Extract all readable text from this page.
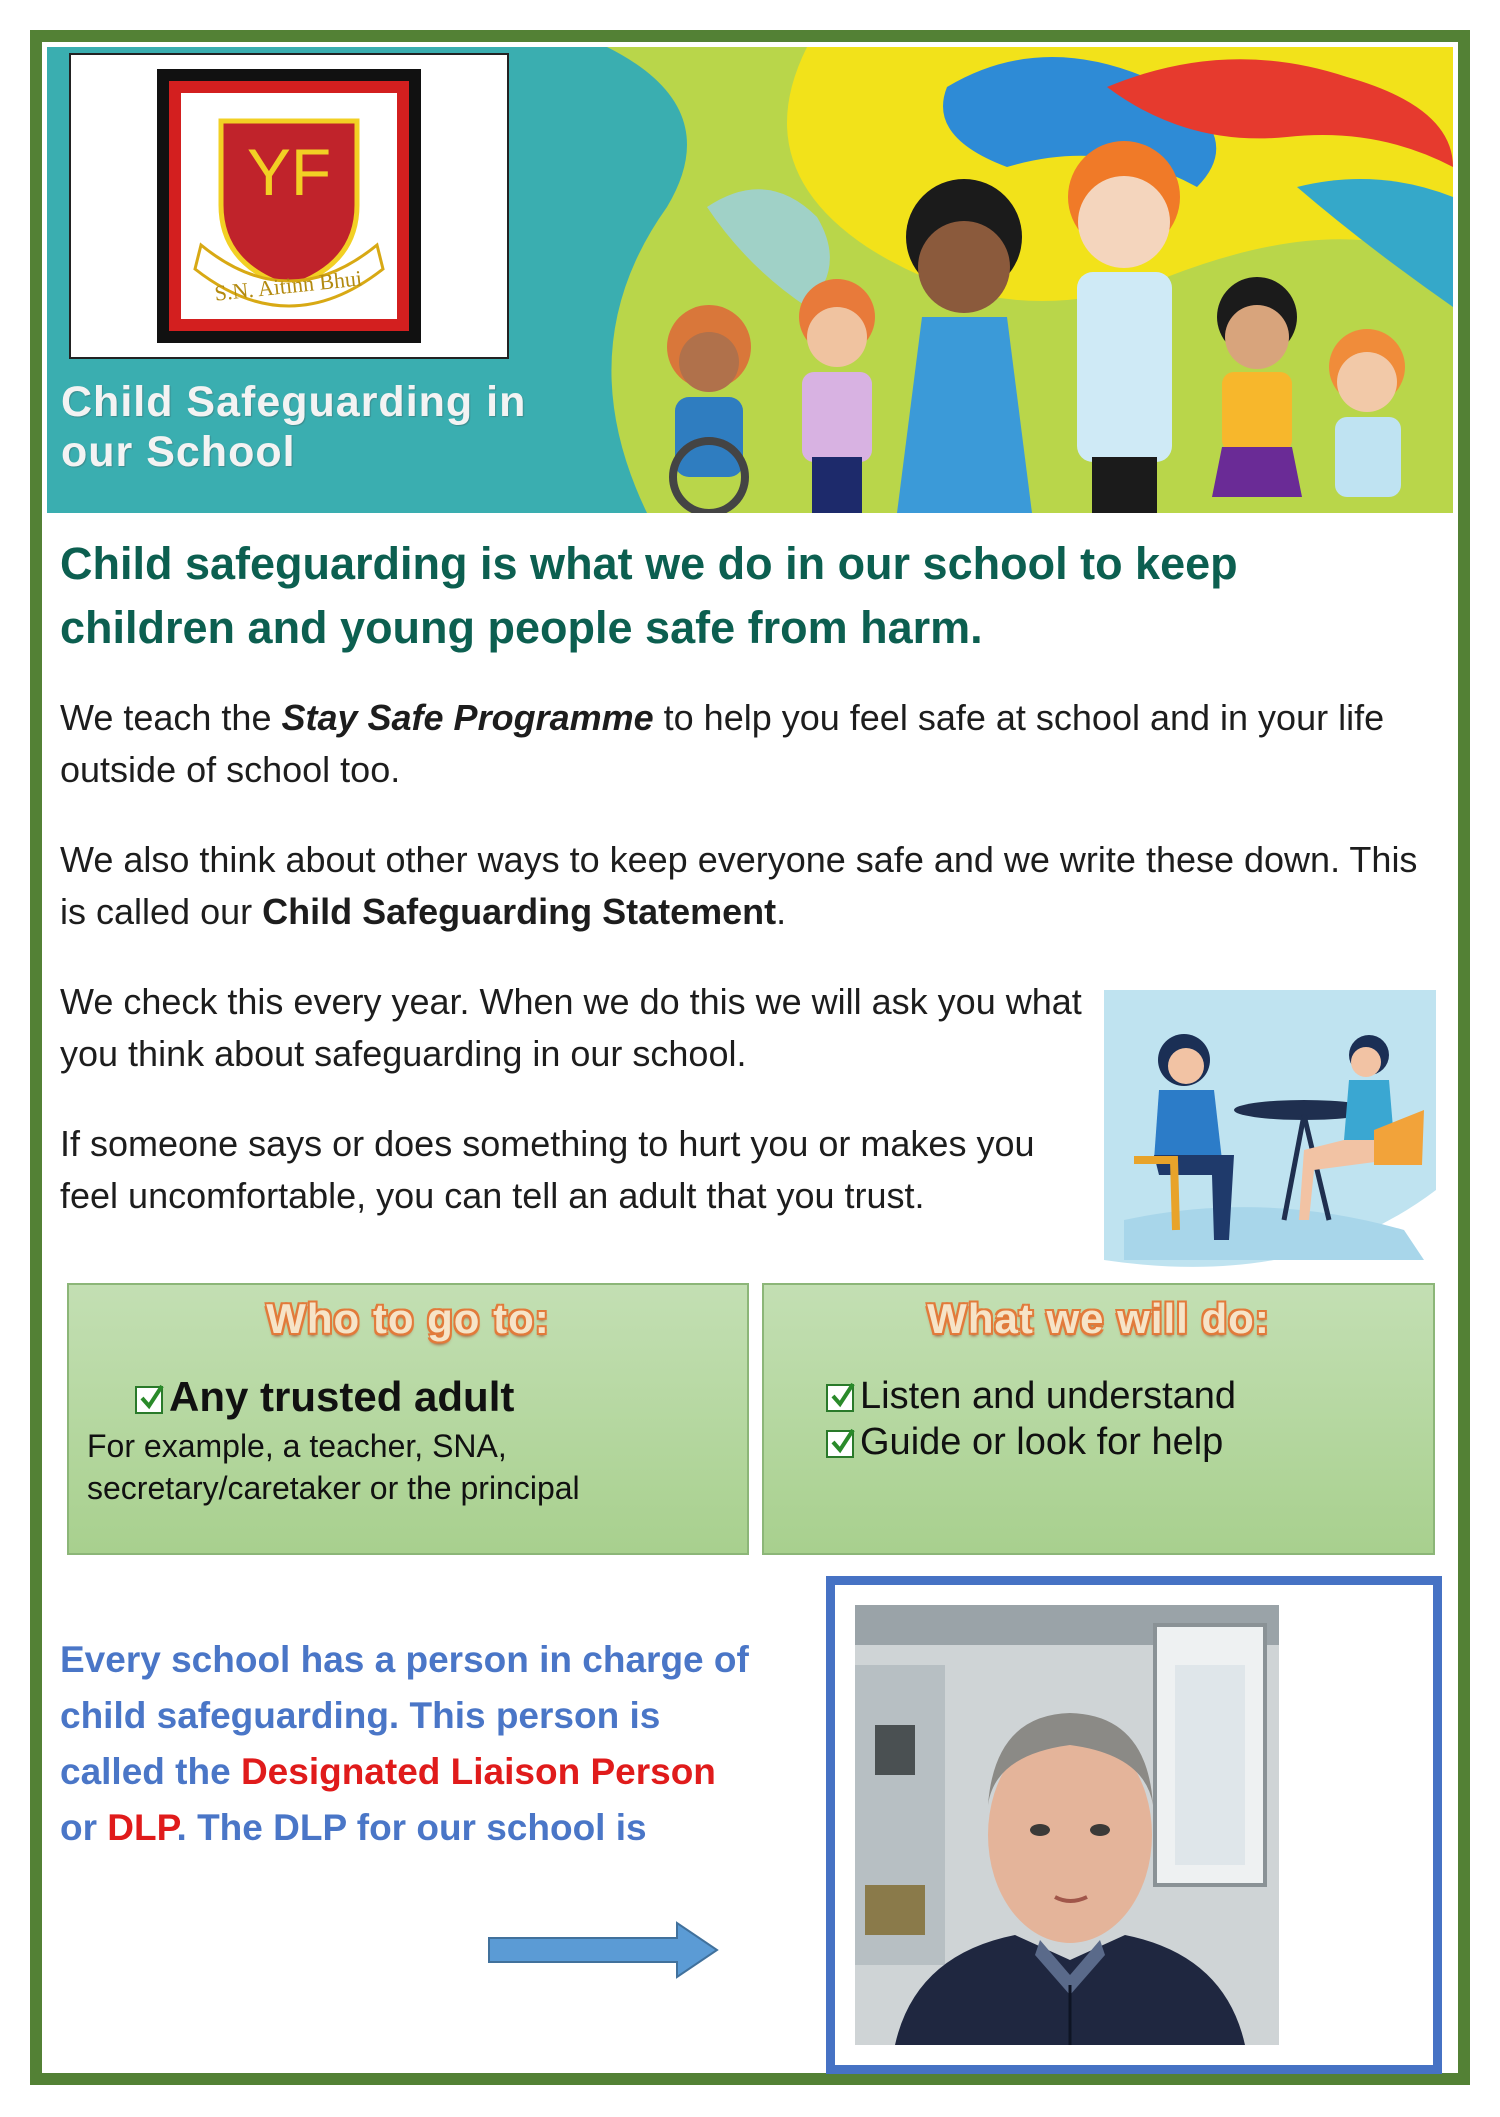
YF
S.N. Aitinn Bhui
Child Safeguarding in
our School
Child safeguarding is what we do in our school to keep children and young people safe from harm.
We teach the Stay Safe Programme to help you feel safe at school and in your life outside of school too.
We also think about other ways to keep everyone safe and we write these down. This is called our Child Safeguarding Statement.
We check this every year. When we do this we will ask you what you think about safeguarding in our school.
If someone says or does something to hurt you or makes you feel uncomfortable, you can tell an adult that you trust.
Who to go to:
Any trusted adult
For example, a teacher, SNA, secretary/caretaker or the principal
What we will do:
Listen and understand
Guide or look for help
Every school has a person in charge of child safeguarding. This person is called the Designated Liaison Person or DLP. The DLP for our school is
